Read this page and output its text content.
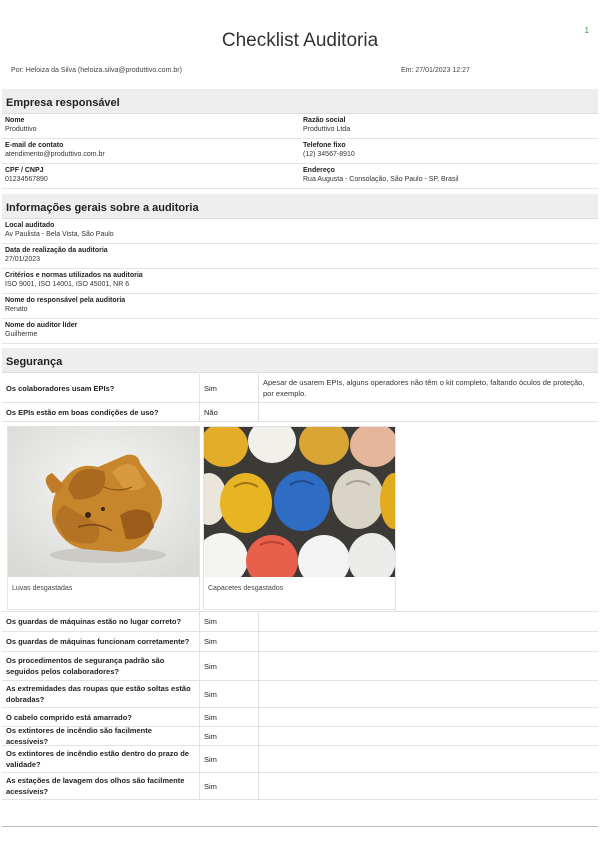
1
Checklist Auditoria
Por: Heloiza da Silva (heloiza.silva@produttivo.com.br)	Em: 27/01/2023 12:27
Empresa responsável
Nome
Produttivo
Razão social
Produttivo Ltda
E-mail de contato
atendimento@produttivo.com.br
Telefone fixo
(12) 34567-8910
CPF / CNPJ
01234567890
Endereço
Rua Augusta - Consolação, São Paulo - SP, Brasil
Informações gerais sobre a auditoria
Local auditado
Av Paulista - Bela Vista, São Paulo
Data de realização da auditoria
27/01/2023
Critérios e normas utilizados na auditoria
ISO 9001, ISO 14001, ISO 45001, NR 6
Nome do responsável pela auditoria
Renato
Nome do auditor líder
Guilherme
Segurança
Os colaboradores usam EPIs?	Sim
Apesar de usarem EPIs, alguns operadores não têm o kit completo, faltando óculos de proteção, por exemplo.
Os EPIs estão em boas condições de uso?	Não
Luvas desgastadas	Capacetes desgastados
Os guardas de máquinas estão no lugar correto?	Sim
Os guardas de máquinas funcionam corretamente?	Sim
Os procedimentos de segurança padrão são seguidos pelos colaboradores?
Sim
As extremidades das roupas que estão soltas estão dobradas?
Sim
O cabelo comprido está amarrado?	Sim
Os extintores de incêndio são facilmente acessíveis?
Sim
Os extintores de incêndio estão dentro do prazo de validade?
Sim
As estações de lavagem dos olhos são facilmente acessíveis?
Sim
